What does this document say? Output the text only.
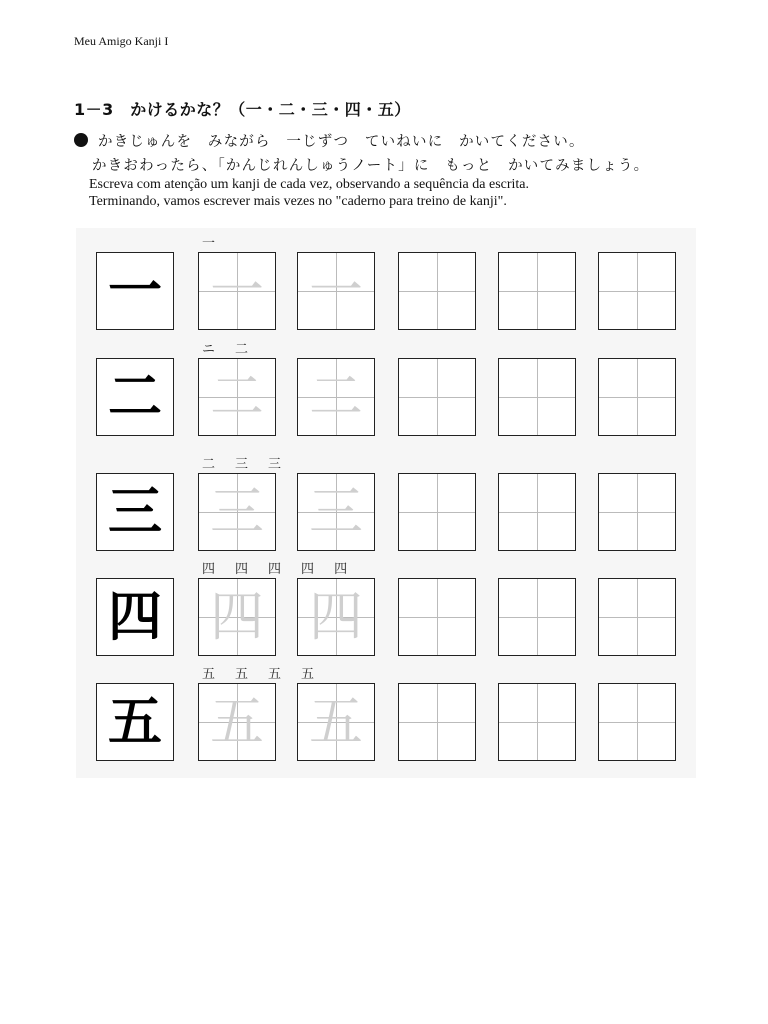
Meu Amigo Kanji I
1－3　かけるかな？（一・二・三・四・五）
かきじゅんを　みながら　一じずつ　ていねいに　かいてください。
かきおわったら、「かんじれんしゅうノート」に　もっと　かいてみましょう。
Escreva com atenção um kanji de cada vez, observando a sequência da escrita.
Terminando, vamos escrever mais vezes no "caderno para treino de kanji".
一
一 一 一
ニ 二
二 二 二
二 三 三
三 三 三
四 四 四 四 四
四 四 四
五 五 五 五
五 五 五
